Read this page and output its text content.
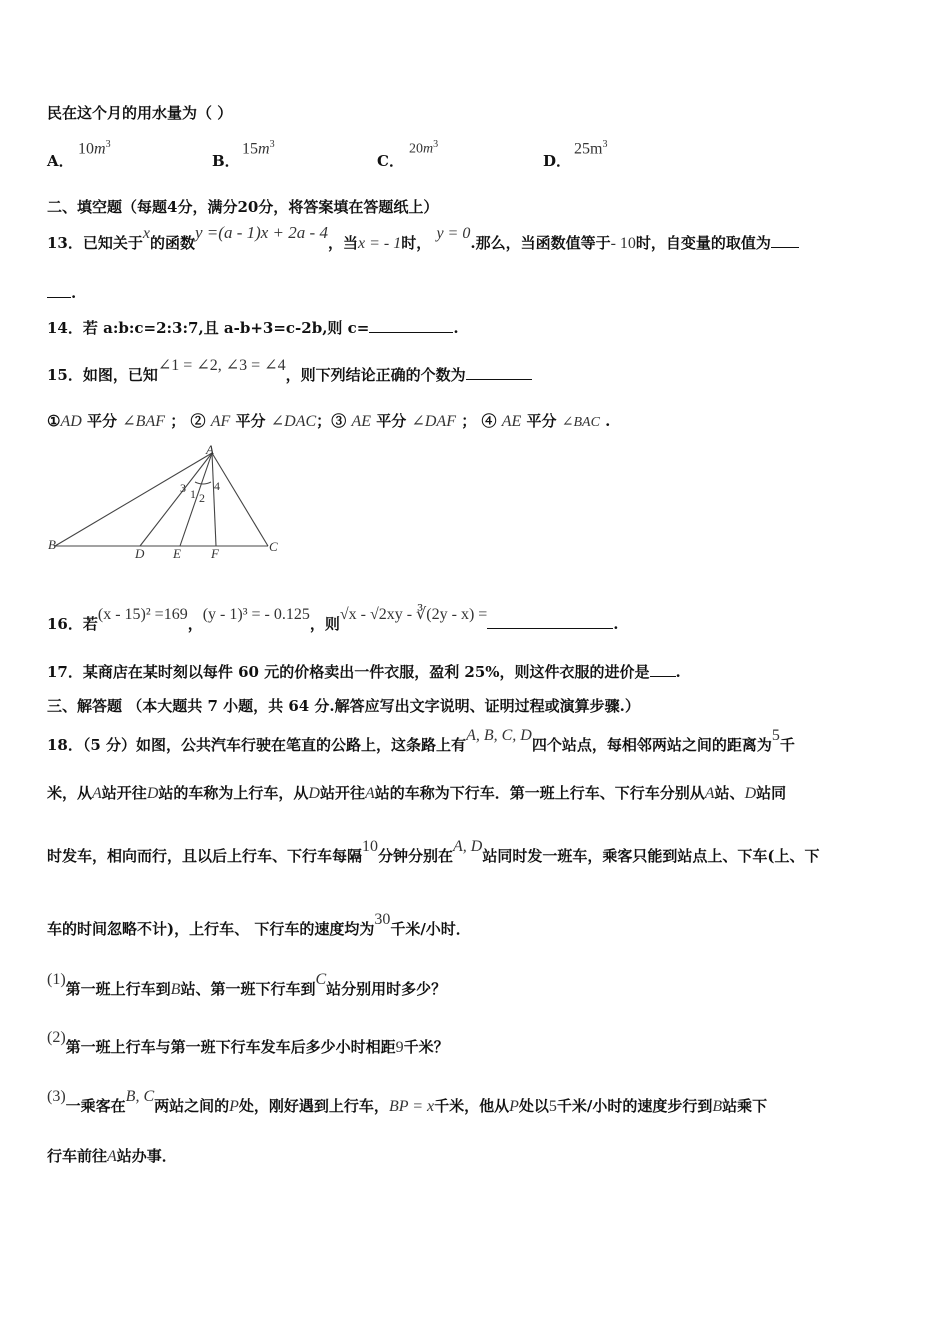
民在这个月的用水量为（ ）
A．
$10m^3$
B．
$15m^3$
C．
$20m^3$
D．
$25m^3$
二、填空题（每题4分，满分20分，将答案填在答题纸上）
13．已知关于x的函数y =(a - 1)x + 2a - 4，当x = - 1时， y = 0.那么，当函数值等于- 10时，自变量的取值为
.
14．若 a:b:c=2:3:7,且 a-b+3=c-2b,则 c=	.
15．如图，已知∠1 = ∠2, ∠3 = ∠4，则下列结论正确的个数为
①AD 平分 ∠BAF ； ② AF 平分 ∠DAC；③ AE 平分 ∠DAF ； ④ AE 平分 ∠BAC .
A
B	C
D E F
3 1 2
4
16．若(x - 15)² =169，(y - 1)³ = - 0.125，则√x - √2xy - ∛(2y - x) =.
17．某商店在某时刻以每件 60 元的价格卖出一件衣服，盈利 25%，则这件衣服的进价是 .
三、解答题 （本大题共 7 小题，共 64 分.解答应写出文字说明、证明过程或演算步骤.）
18．（5 分）如图，公共汽车行驶在笔直的公路上，这条路上有A, B, C, D四个站点，每相邻两站之间的距离为5千
米，从A站开往D站的车称为上行车，从D站开往A站的车称为下行车．第一班上行车、下行车分别从A站、D站同
时发车，相向而行，且以后上行车、下行车每隔10分钟分别在A, D站同时发一班车，乘客只能到站点上、下车(上、下
车的时间忽略不计)，上行车、 下行车的速度均为30千米/小时．
(1)第一班上行车到B站、第一班下行车到C站分别用时多少？
(2)第一班上行车与第一班下行车发车后多少小时相距9千米？
(3)一乘客在B, C两站之间的P处，刚好遇到上行车，BP = x千米，他从P处以5千米/小时的速度步行到B站乘下
行车前往A站办事．
